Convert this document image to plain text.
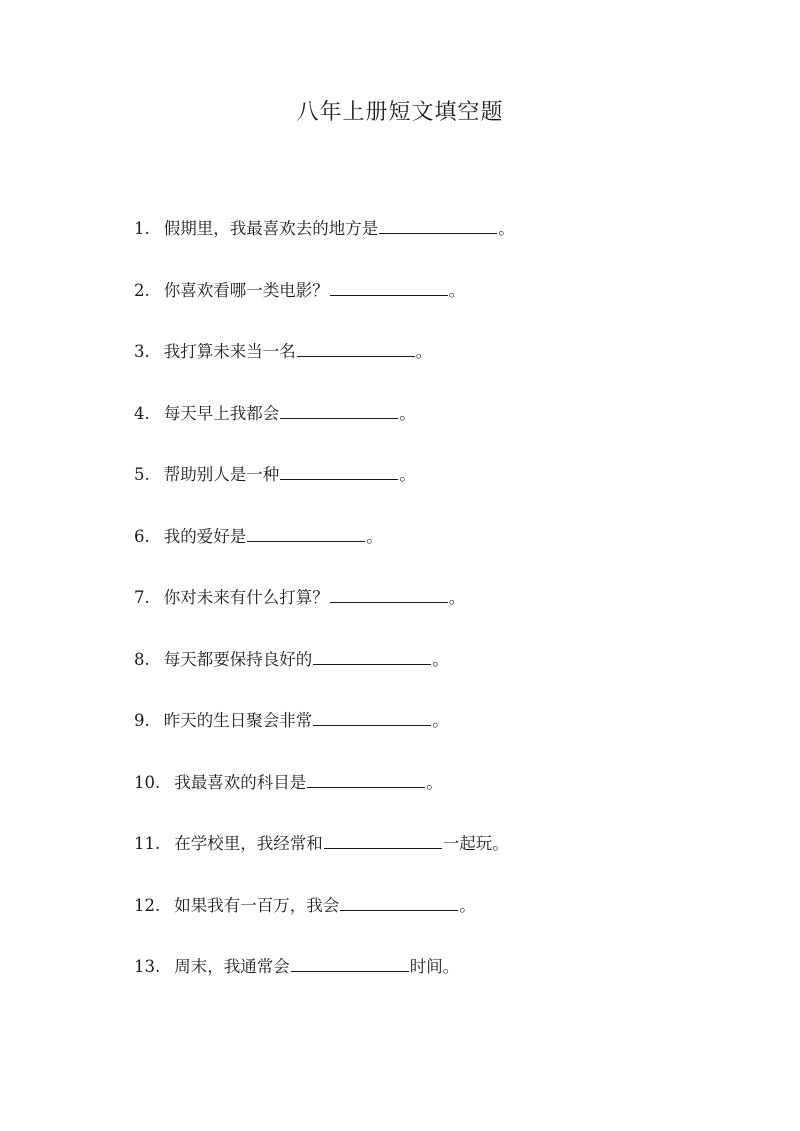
八年上册短文填空题
1. 假期里，我最喜欢去的地方是	。
2. 你喜欢看哪一类电影？	。
3. 我打算未来当一名	。
4. 每天早上我都会	。
5. 帮助别人是一种	。
6. 我的爱好是	。
7. 你对未来有什么打算？	。
8. 每天都要保持良好的	。
9. 昨天的生日聚会非常	。
10. 我最喜欢的科目是	。
11. 在学校里，我经常和	一起玩。
12. 如果我有一百万，我会	。
13. 周末，我通常会	时间。
